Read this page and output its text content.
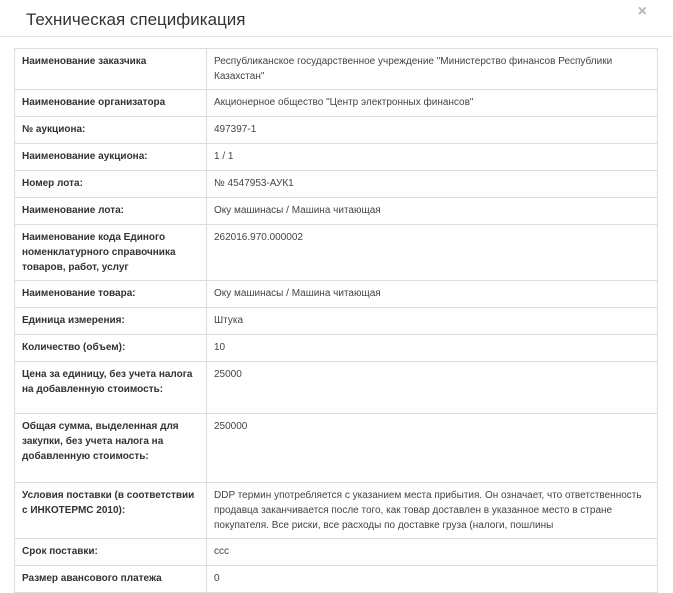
Техническая спецификация	×
Наименование заказчика	Республиканское государственное учреждение "Министерство финансов Республики Казахстан"
Наименование организатора	Акционерное общество "Центр электронных финансов"
№ аукциона:	497397-1
Наименование аукциона:	1 / 1
Номер лота:	№ 4547953-АУК1
Наименование лота:	Оку машинасы / Машина читающая
Наименование кода Единого номенклатурного справочника товаров, работ, услуг	262016.970.000002
Наименование товара:	Оку машинасы / Машина читающая
Единица измерения:	Штука
Количество (объем):	10
Цена за единицу, без учета налога на добавленную стоимость:	25000
Общая сумма, выделенная для закупки, без учета налога на добавленную стоимость:	250000
Условия поставки (в соответствии с ИНКОТЕРМС 2010):	DDP термин употребляется с указанием места прибытия. Он означает, что ответственность продавца заканчивается после того, как товар доставлен в указанное место в стране покупателя. Все риски, все расходы по доставке груза (налоги, пошлины
Срок поставки:	ссс
Размер авансового платежа	0
